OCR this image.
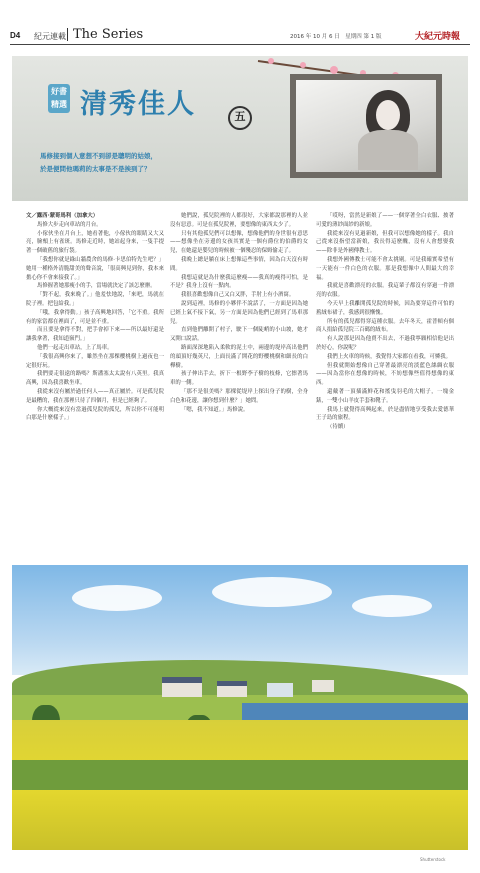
D4 紀元連載 The Series	2016 年 10 月 6 日　星期四 第 1 版	大紀元時報
好書
精選 清秀佳人	五
馬修接到個人意想不到卻是聰明的姑娘，
於是便問他瑪莉的太事是不是挨到了？

文／露西·蒙哥馬利（加拿大）

馬修大步走向車站的月台。

小傢伙坐在月台上，她看著他，小傢伙的眼睛又大又亮，臉頰上有雀斑。馬修走近時，她站起身來，一隻手提著一個破舊的旅行袋。

「我想你就是綠山牆農舍的馬修·卡思伯特先生吧？」她用一種格外清脆甜美的聲音說，「很高興見到你，我本來擔心你不會來接我了。」

馬修握著她那瘦小的手，當場就決定了該怎麼辦。

「對不起，我來晚了。」他羞怯地說，「來吧，馬就在院子裡。把包給我。」

「哦，我拿得動。」孩子高興地回答，「它不重。我所有的家當都在裡面了，可是並不重。

而且要是拿得不對，把手會掉下來——所以最好還是讓我拿著，我知道竅門。」

他們一起走出車站，上了馬車。

「我很高興你來了，雖然坐在那棵櫻桃樹上過夜也一定很好玩。

我們要走很遠的路嗎？斯潘塞太太說有八英里。我真高興，因為我喜歡坐車。

我從來沒有屬於過任何人——真正屬於。可是孤兒院是最糟的，我在那裡只待了四個月，但是已經夠了。

你大概從來沒有當過孤兒院的孤兒，所以你不可能明白那是什麼樣子。」

她們說，孤兒院裡的人都很好，大家都說那裡的人並沒有惡意。可是在孤兒院裡，要想像的東西太少了。

只有其他孤兒們可以想像，想像他們的身世很有意思——想像坐在旁邊的女孩其實是一個有爵位的伯爵的女兒，在她還是嬰兒的時候被一個殘忍的保姆偷走了。

我晚上總是躺在床上想像這些事情，因為白天沒有時間。

我想這就是為什麼我這麼瘦——我真的瘦得可怕，是不是？我身上沒有一點肉。

我很喜歡想像自己又白又胖，手肘上有小酒窩。

說到這裡，馬修的小夥伴不說話了，一方面是因為她已經上氣不接下氣，另一方面是因為他們已經到了馬車那兒。

直到他們離開了村子，駛下一個陡峭的小山坡，她才又開口說話。

路面深深地陷入柔軟的泥土中，兩邊的堤岸高出他們的頭頂好幾英尺，上面長滿了開花的野櫻桃樹和細長的白樺樹。

孩子伸出手去，折下一根野李子樹的枝條，它擦著馬車的一側。

「那不是很美嗎？那棵從堤岸上探出身子的樹，全身白色和花邊，讓你想到什麼？」她問。

「嗯，我不知道。」馬修說。

「哎呀，當然是新娘了——一個穿著全白衣服、披著可愛的薄紗面紗的新娘。

我從來沒有見過新娘，但我可以想像她的樣子。我自己從來沒指望當新娘，我長得這麼醜，沒有人會想娶我——除非是外國傳教士。

我想外國傳教士可能不會太挑剔。可是我確實希望有一天能有一件白色的衣服。那是我想像中人間最大的幸福。

我就是喜歡漂亮的衣服。我這輩子都沒有穿過一件漂亮的衣服。

今天早上我離開孤兒院的時候，因為要穿這件可怕的舊絨布裙子，我感到很慚愧。

所有的孤兒都得穿這種衣服。去年冬天，霍普頓有個商人捐給孤兒院三百碼的絨布。

有人說那是因為他賣不出去，不過我寧願相信他是出於好心，你說呢？

我們上火車的時候，我覺得大家都在看我，可憐我。

但我就開始想像自己穿著最漂亮的淡藍色絲綢衣服——因為當你在想像的時候，不妨想像些值得想像的東西。

還戴著一頂插滿鮮花和搖曳羽毛的大帽子，一塊金錶，一雙小山羊皮手套和靴子。

我馬上就覺得高興起來，於是盡情地享受我去愛德華王子島的旅程。

（待續）

Shutterstock
